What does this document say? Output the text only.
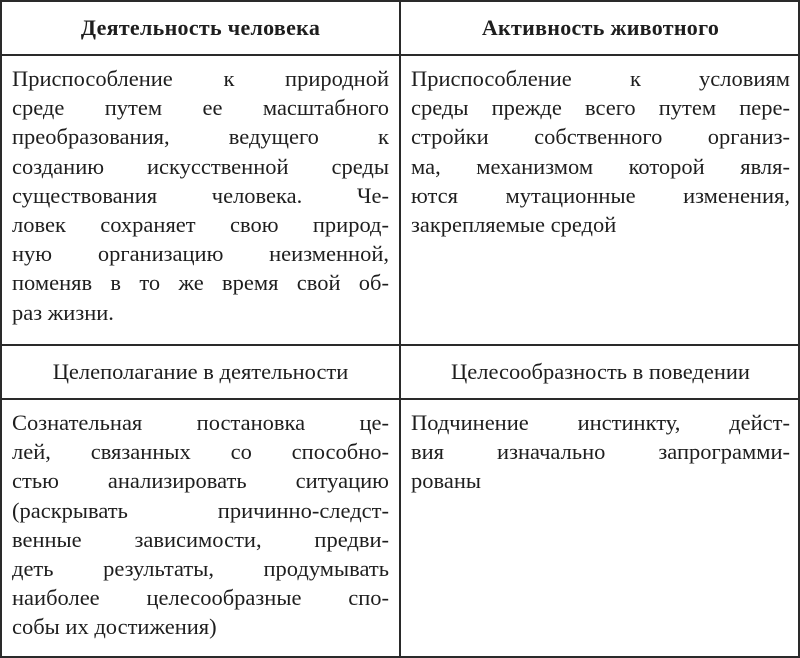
Деятельность человека	Активность животного
Приспособление к природной
среде путем ее масштабного
преобразования, ведущего к
созданию искусственной среды
существования человека. Че-
ловек сохраняет свою природ-
ную организацию неизменной,
поменяв в то же время свой об-
раз жизни.
Приспособление к условиям
среды прежде всего путем пере-
стройки собственного организ-
ма, механизмом которой явля-
ются мутационные изменения,
закрепляемые средой
Целеполагание в деятельности	Целесообразность в поведении
Сознательная постановка це-
лей, связанных со способно-
стью анализировать ситуацию
(раскрывать причинно-следст-
венные зависимости, предви-
деть результаты, продумывать
наиболее целесообразные спо-
собы их достижения)
Подчинение инстинкту, дейст-
вия изначально запрограмми-
рованы
